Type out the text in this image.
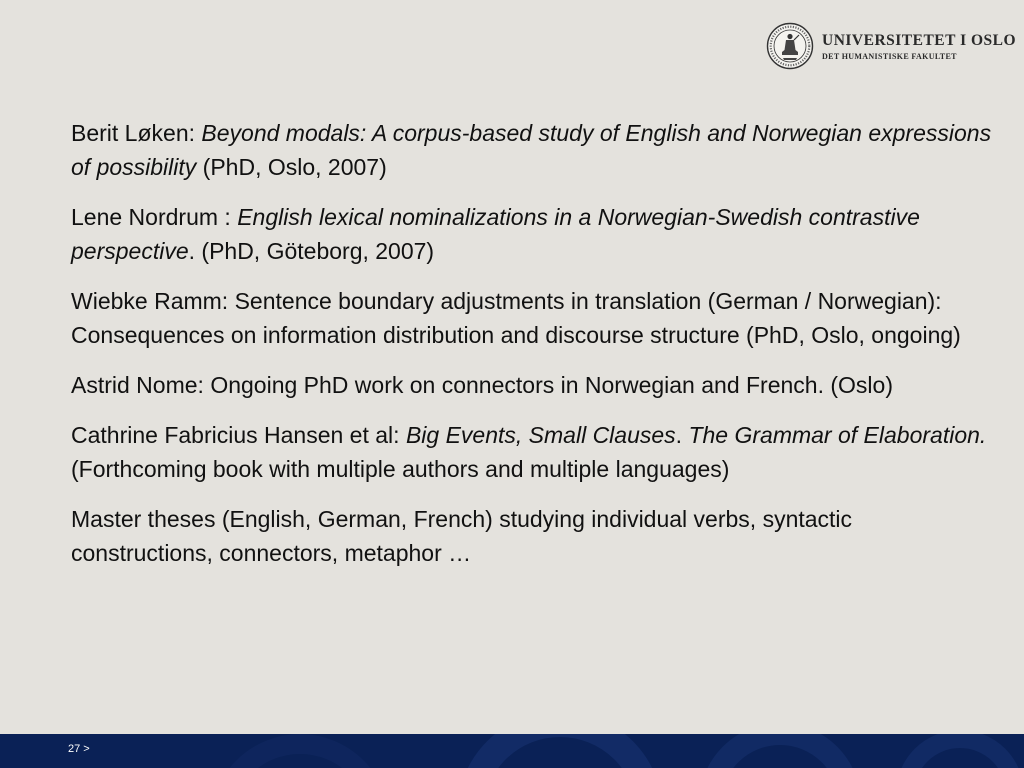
UNIVERSITETET I OSLO
DET HUMANISTISKE FAKULTET

Berit Løken: Beyond modals: A corpus-based study of English and Norwegian expressions of possibility (PhD, Oslo, 2007)

Lene Nordrum : English lexical nominalizations in a Norwegian-Swedish contrastive perspective. (PhD, Göteborg, 2007)

Wiebke Ramm: Sentence boundary adjustments in translation (German / Norwegian): Consequences on information distribution and discourse structure (PhD, Oslo, ongoing)

Astrid Nome: Ongoing PhD work on connectors in Norwegian and French. (Oslo)

Cathrine Fabricius Hansen et al: Big Events, Small Clauses. The Grammar of Elaboration. (Forthcoming book with multiple authors and multiple languages)

Master theses (English, German, French) studying individual verbs, syntactic constructions, connectors, metaphor …

27 >
